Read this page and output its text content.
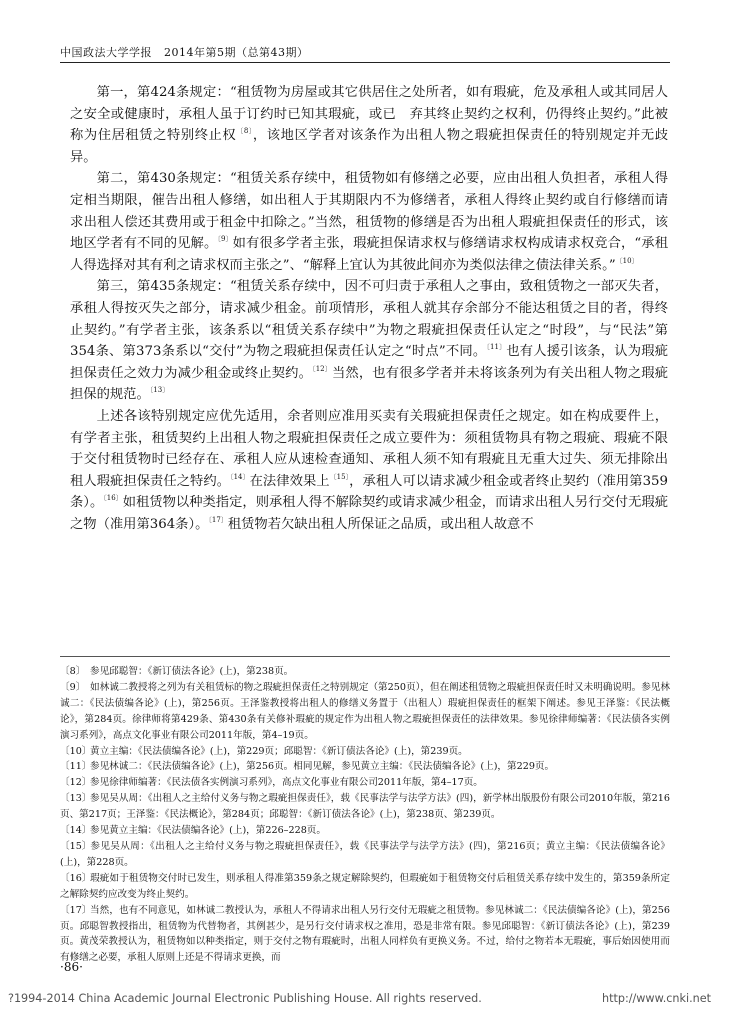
中国政法大学学报 2014年第5期（总第43期）

第一，第424条规定：“租赁物为房屋或其它供居住之处所者，如有瑕疵，危及承租人或其同居人之安全或健康时，承租人虽于订约时已知其瑕疵，或已　弃其终止契约之权利，仍得终止契约。”此被称为住居租赁之特别终止权$^{〔8〕}$，该地区学者对该条作为出租人物之瑕疵担保责任的特别规定并无歧异。

第二，第430条规定：“租赁关系存续中，租赁物如有修缮之必要，应由出租人负担者，承租人得定相当期限，催告出租人修缮，如出租人于其期限内不为修缮者，承租人得终止契约或自行修缮而请求出租人偿还其费用或于租金中扣除之。”当然，租赁物的修缮是否为出租人瑕疵担保责任的形式，该地区学者有不同的见解。$^{〔9〕}$如有很多学者主张，瑕疵担保请求权与修缮请求权构成请求权竞合，“承租人得选择对其有利之请求权而主张之”、“解释上宜认为其彼此间亦为类似法律之债法律关系。”$^{〔10〕}$

第三，第435条规定：“租赁关系存续中，因不可归责于承租人之事由，致租赁物之一部灭失者，承租人得按灭失之部分，请求减少租金。前项情形，承租人就其存余部分不能达租赁之目的者，得终止契约。”有学者主张，该条系以“租赁关系存续中”为物之瑕疵担保责任认定之“时段”，与“民法”第354条、第373条系以“交付”为物之瑕疵担保责任认定之“时点”不同。$^{〔11〕}$也有人援引该条，认为瑕疵担保责任之效力为减少租金或终止契约。$^{〔12〕}$当然，也有很多学者并未将该条列为有关出租人物之瑕疵担保的规范。$^{〔13〕}$

上述各该特别规定应优先适用，余者则应准用买卖有关瑕疵担保责任之规定。如在构成要件上，有学者主张，租赁契约上出租人物之瑕疵担保责任之成立要件为：须租赁物具有物之瑕疵、瑕疵不限于交付租赁物时已经存在、承租人应从速检查通知、承租人须不知有瑕疵且无重大过失、须无排除出租人瑕疵担保责任之特约。$^{〔14〕}$在法律效果上$^{〔15〕}$，承租人可以请求减少租金或者终止契约（准用第359条）。$^{〔16〕}$如租赁物以种类指定，则承租人得不解除契约或请求减少租金，而请求出租人另行交付无瑕疵之物（准用第364条）。$^{〔17〕}$租赁物若欠缺出租人所保证之品质，或出租人故意不

〔8〕 参见邱聪智：《新订债法各论》(上)，第238页。

〔9〕 如林诚二教授将之列为有关租赁标的物之瑕疵担保责任之特别规定（第250页），但在阐述租赁物之瑕疵担保责任时又未明确说明。参见林诚二：《民法债编各论》(上)，第256页。王泽鉴教授将出租人的修缮义务置于（出租人）瑕疵担保责任的框架下阐述。参见王泽鉴：《民法概论》，第284页。徐律师将第429条、第430条有关修补瑕疵的规定作为出租人物之瑕疵担保责任的法律效果。参见徐律师编著：《民法债各实例演习系列》，高点文化事业有限公司2011年版，第4–19页。

〔10〕黄立主编：《民法债编各论》(上)，第229页；邱聪智：《新订债法各论》(上)，第239页。

〔11〕参见林诚二：《民法债编各论》(上)，第256页。相同见解，参见黄立主编：《民法债编各论》(上)，第229页。

〔12〕参见徐律师编著：《民法债各实例演习系列》，高点文化事业有限公司2011年版，第4–17页。

〔13〕参见吴从周：《出租人之主给付义务与物之瑕疵担保责任》，载《民事法学与法学方法》(四)，新学林出版股份有限公司2010年版，第216页、第217页；王泽鉴：《民法概论》，第284页；邱聪智：《新订债法各论》(上)，第238页、第239页。

〔14〕参见黄立主编：《民法债编各论》(上)，第226–228页。

〔15〕参见吴从周：《出租人之主给付义务与物之瑕疵担保责任》，载《民事法学与法学方法》(四)，第216页；黄立主编：《民法债编各论》(上)，第228页。

〔16〕瑕疵如于租赁物交付时已发生，则承租人得准第359条之规定解除契约，但瑕疵如于租赁物交付后租赁关系存续中发生的，第359条所定之解除契约应改变为终止契约。

〔17〕当然，也有不同意见，如林诚二教授认为，承租人不得请求出租人另行交付无瑕疵之租赁物。参见林诚二：《民法债编各论》(上)，第256页。邱聪智教授指出，租赁物为代替物者，其例甚少，是另行交付请求权之准用，恐是非常有限。参见邱聪智：《新订债法各论》(上)，第239页。黄茂荣教授认为，租赁物如以种类指定，则于交付之物有瑕疵时，出租人同样负有更换义务。不过，给付之物若本无瑕疵，事后始因使用而有修缮之必要，承租人原则上还是不得请求更换，而

·86·
?1994-2014 China Academic Journal Electronic Publishing House. All rights reserved.	http://www.cnki.net
